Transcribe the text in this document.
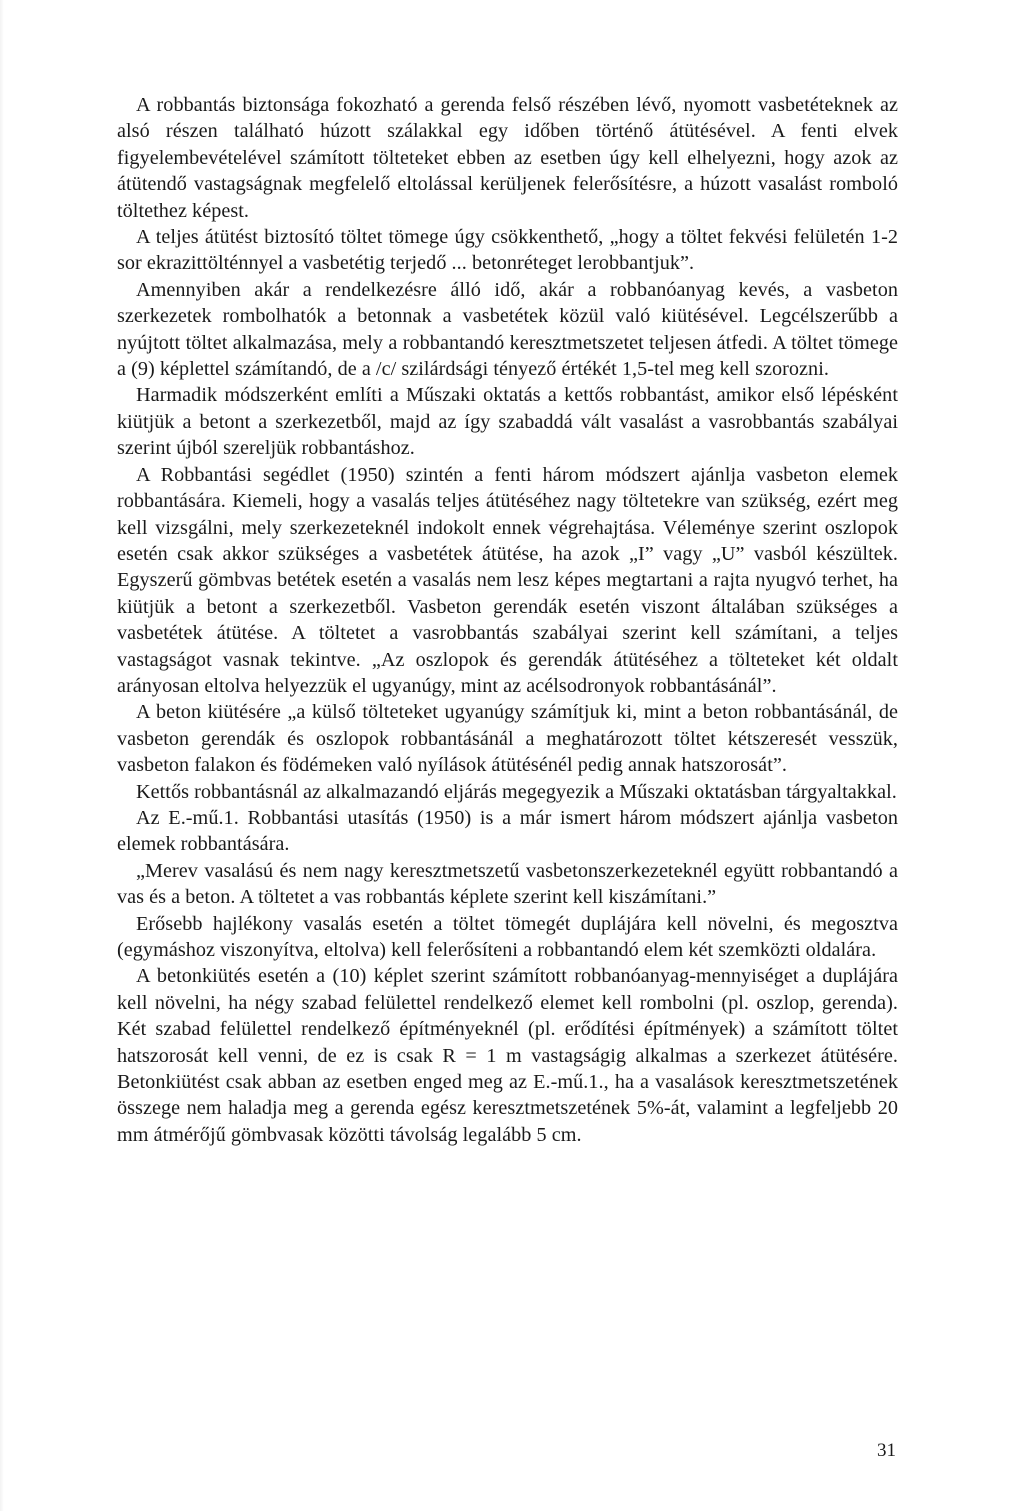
A robbantás biztonsága fokozható a gerenda felső részében lévő, nyomott vasbetéteknek az alsó részen található húzott szálakkal egy időben történő átütésével. A fenti elvek figyelembevételével számított tölteteket ebben az esetben úgy kell elhelyezni, hogy azok az átütendő vastagságnak megfelelő eltolással kerüljenek felerősítésre, a húzott vasalást romboló töltethez képest.

A teljes átütést biztosító töltet tömege úgy csökkenthető, „hogy a töltet fekvési felületén 1-2 sor ekrazittölténnyel a vasbetétig terjedő ... betonréteget lerobbantjuk”.

Amennyiben akár a rendelkezésre álló idő, akár a robbanóanyag kevés, a vasbeton szerkezetek rombolhatók a betonnak a vasbetétek közül való kiütésével. Legcélszerűbb a nyújtott töltet alkalmazása, mely a robbantandó keresztmetszetet teljesen átfedi. A töltet tömege a (9) képlettel számítandó, de a /c/ szilárdsági tényező értékét 1,5-tel meg kell szorozni.

Harmadik módszerként említi a Műszaki oktatás a kettős robbantást, amikor első lépésként kiütjük a betont a szerkezetből, majd az így szabaddá vált vasalást a vasrobbantás szabályai szerint újból szereljük robbantáshoz.

A Robbantási segédlet (1950) szintén a fenti három módszert ajánlja vasbeton elemek robbantására. Kiemeli, hogy a vasalás teljes átütéséhez nagy töltetekre van szükség, ezért meg kell vizsgálni, mely szerkezeteknél indokolt ennek végrehajtása. Véleménye szerint oszlopok esetén csak akkor szükséges a vasbetétek átütése, ha azok „I” vagy „U” vasból készültek. Egyszerű gömbvas betétek esetén a vasalás nem lesz képes megtartani a rajta nyugvó terhet, ha kiütjük a betont a szerkezetből. Vasbeton gerendák esetén viszont általában szükséges a vasbetétek átütése. A töltetet a vasrobbantás szabályai szerint kell számítani, a teljes vastagságot vasnak tekintve. „Az oszlopok és gerendák átütéséhez a tölteteket két oldalt arányosan eltolva helyezzük el ugyanúgy, mint az acélsodronyok robbantásánál”.

A beton kiütésére „a külső tölteteket ugyanúgy számítjuk ki, mint a beton robbantásánál, de vasbeton gerendák és oszlopok robbantásánál a meghatározott töltet kétszeresét vesszük, vasbeton falakon és födémeken való nyílások átütésénél pedig annak hatszorosát”.

Kettős robbantásnál az alkalmazandó eljárás megegyezik a Műszaki oktatásban tárgyaltakkal.

Az E.-mű.1. Robbantási utasítás (1950) is a már ismert három módszert ajánlja vasbeton elemek robbantására.

„Merev vasalású és nem nagy keresztmetszetű vasbetonszerkezeteknél együtt robbantandó a vas és a beton. A töltetet a vas robbantás képlete szerint kell kiszámítani.”

Erősebb hajlékony vasalás esetén a töltet tömegét duplájára kell növelni, és megosztva (egymáshoz viszonyítva, eltolva) kell felerősíteni a robbantandó elem két szemközti oldalára.

A betonkiütés esetén a (10) képlet szerint számított robbanóanyag-mennyiséget a duplájára kell növelni, ha négy szabad felülettel rendelkező elemet kell rombolni (pl. oszlop, gerenda). Két szabad felülettel rendelkező építményeknél (pl. erődítési építmények) a számított töltet hatszorosát kell venni, de ez is csak R = 1 m vastagságig alkalmas a szerkezet átütésére. Betonkiütést csak abban az esetben enged meg az E.-mű.1., ha a vasalások keresztmetszetének összege nem haladja meg a gerenda egész keresztmetszetének 5%-át, valamint a legfeljebb 20 mm átmérőjű gömbvasak közötti távolság legalább 5 cm.

31
